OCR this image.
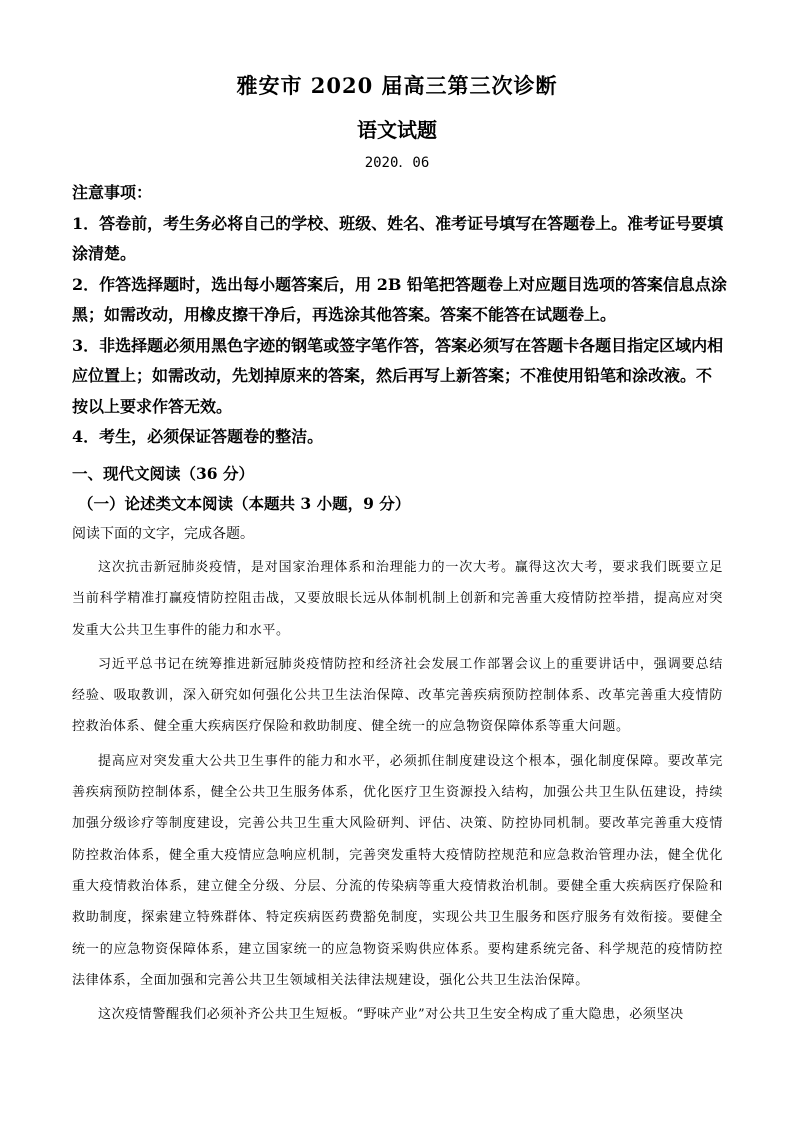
雅安市 2020 届高三第三次诊断
语文试题
2020．06

注意事项：

1．答卷前，考生务必将自己的学校、班级、姓名、准考证号填写在答题卷上。准考证号要填涂清楚。

2．作答选择题时，选出每小题答案后，用 2B 铅笔把答题卷上对应题目选项的答案信息点涂黑；如需改动，用橡皮擦干净后，再选涂其他答案。答案不能答在试题卷上。

3．非选择题必须用黑色字迹的钢笔或签字笔作答，答案必须写在答题卡各题目指定区域内相应位置上；如需改动，先划掉原来的答案，然后再写上新答案；不准使用铅笔和涂改液。不按以上要求作答无效。

4．考生，必须保证答题卷的整洁。

一、现代文阅读（36 分）

（一）论述类文本阅读（本题共 3 小题，9 分）

阅读下面的文字，完成各题。

这次抗击新冠肺炎疫情，是对国家治理体系和治理能力的一次大考。赢得这次大考，要求我们既要立足当前科学精准打赢疫情防控阻击战，又要放眼长远从体制机制上创新和完善重大疫情防控举措，提高应对突发重大公共卫生事件的能力和水平。

习近平总书记在统筹推进新冠肺炎疫情防控和经济社会发展工作部署会议上的重要讲话中，强调要总结经验、吸取教训，深入研究如何强化公共卫生法治保障、改革完善疾病预防控制体系、改革完善重大疫情防控救治体系、健全重大疾病医疗保险和救助制度、健全统一的应急物资保障体系等重大问题。

提高应对突发重大公共卫生事件的能力和水平，必须抓住制度建设这个根本，强化制度保障。要改革完善疾病预防控制体系，健全公共卫生服务体系，优化医疗卫生资源投入结构，加强公共卫生队伍建设，持续加强分级诊疗等制度建设，完善公共卫生重大风险研判、评估、决策、防控协同机制。要改革完善重大疫情防控救治体系，健全重大疫情应急响应机制，完善突发重特大疫情防控规范和应急救治管理办法，健全优化重大疫情救治体系，建立健全分级、分层、分流的传染病等重大疫情救治机制。要健全重大疾病医疗保险和救助制度，探索建立特殊群体、特定疾病医药费豁免制度，实现公共卫生服务和医疗服务有效衔接。要健全统一的应急物资保障体系，建立国家统一的应急物资采购供应体系。要构建系统完备、科学规范的疫情防控法律体系，全面加强和完善公共卫生领域相关法律法规建设，强化公共卫生法治保障。

这次疫情警醒我们必须补齐公共卫生短板。“野味产业”对公共卫生安全构成了重大隐患，必须坚决
